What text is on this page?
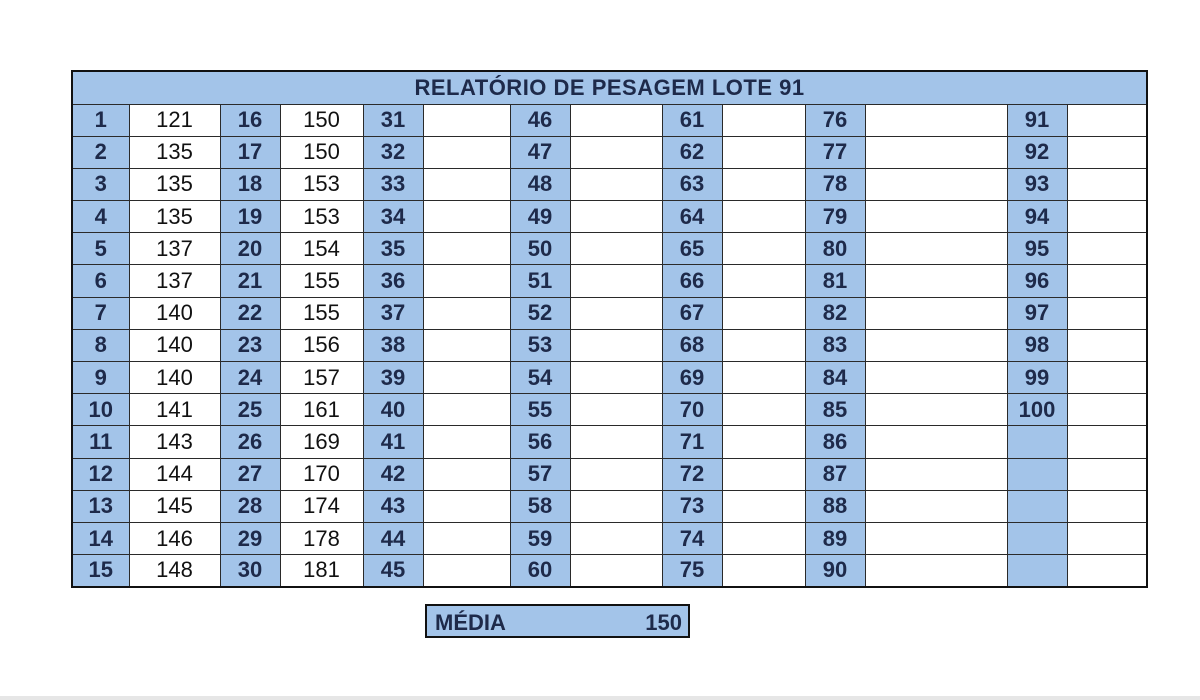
RELATÓRIO DE PESAGEM LOTE 91													
1	121	16	150	31		46		61		76		91	
2	135	17	150	32		47		62		77		92	
3	135	18	153	33		48		63		78		93	
4	135	19	153	34		49		64		79		94	
5	137	20	154	35		50		65		80		95	
6	137	21	155	36		51		66		81		96	
7	140	22	155	37		52		67		82		97	
8	140	23	156	38		53		68		83		98	
9	140	24	157	39		54		69		84		99	
10	141	25	161	40		55		70		85		100	
11	143	26	169	41		56		71		86			
12	144	27	170	42		57		72		87			
13	145	28	174	43		58		73		88			
14	146	29	178	44		59		74		89			
15	148	30	181	45		60		75		90			
MÉDIA	150
